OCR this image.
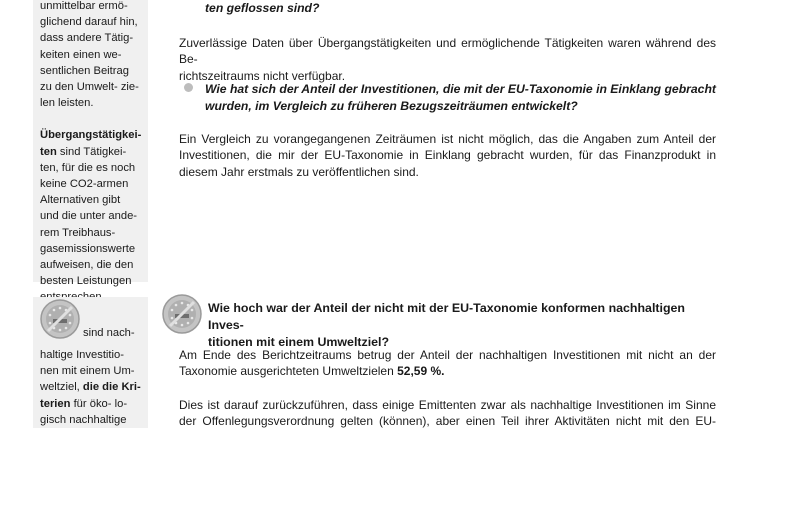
unmittelbar ermö-
glichend darauf hin,
dass andere Tätig-
keiten einen we-
sentlichen Beitrag
zu den Umwelt- zie-
len leisten.

Übergangstätigkei-
ten sind Tätigkei-
ten, für die es noch
keine CO2-armen
Alternativen gibt
und die unter ande-
rem Treibhaus-
gasemissionswerte
aufweisen, die den
besten Leistungen

sind nach-

haltige Investitio-
nen mit einem Um-
weltziel, die die Kri-
terien für öko- lo-
gisch nachhaltige

ten geflossen sind?
Zuverlässige Daten über Übergangstätigkeiten und ermöglichende Tätigkeiten waren während des Be-
richtszeitraums nicht verfügbar.
Wie hat sich der Anteil der Investitionen, die mit der EU-Taxonomie in Einklang gebracht
wurden, im Vergleich zu früheren Bezugszeiträumen entwickelt?
Ein Vergleich zu vorangegangenen Zeiträumen ist nicht möglich, das die Angaben zum Anteil der
Investitionen, die mir der EU-Taxonomie in Einklang gebracht wurden, für das Finanzprodukt in
diesem Jahr erstmals zu veröffentlichen sind.
Wie hoch war der Anteil der nicht mit der EU-Taxonomie konformen nachhaltigen Inves-
titionen mit einem Umweltziel?
Am Ende des Berichtzeitraums betrug der Anteil der nachhaltigen Investitionen mit nicht an der
Taxonomie ausgerichteten Umweltzielen 52,59 %.
Dies ist darauf zurückzuführen, dass einige Emittenten zwar als nachhaltige Investitionen im Sinne
der Offenlegungsverordnung gelten (können), aber einen Teil ihrer Aktivitäten nicht mit den EU-
